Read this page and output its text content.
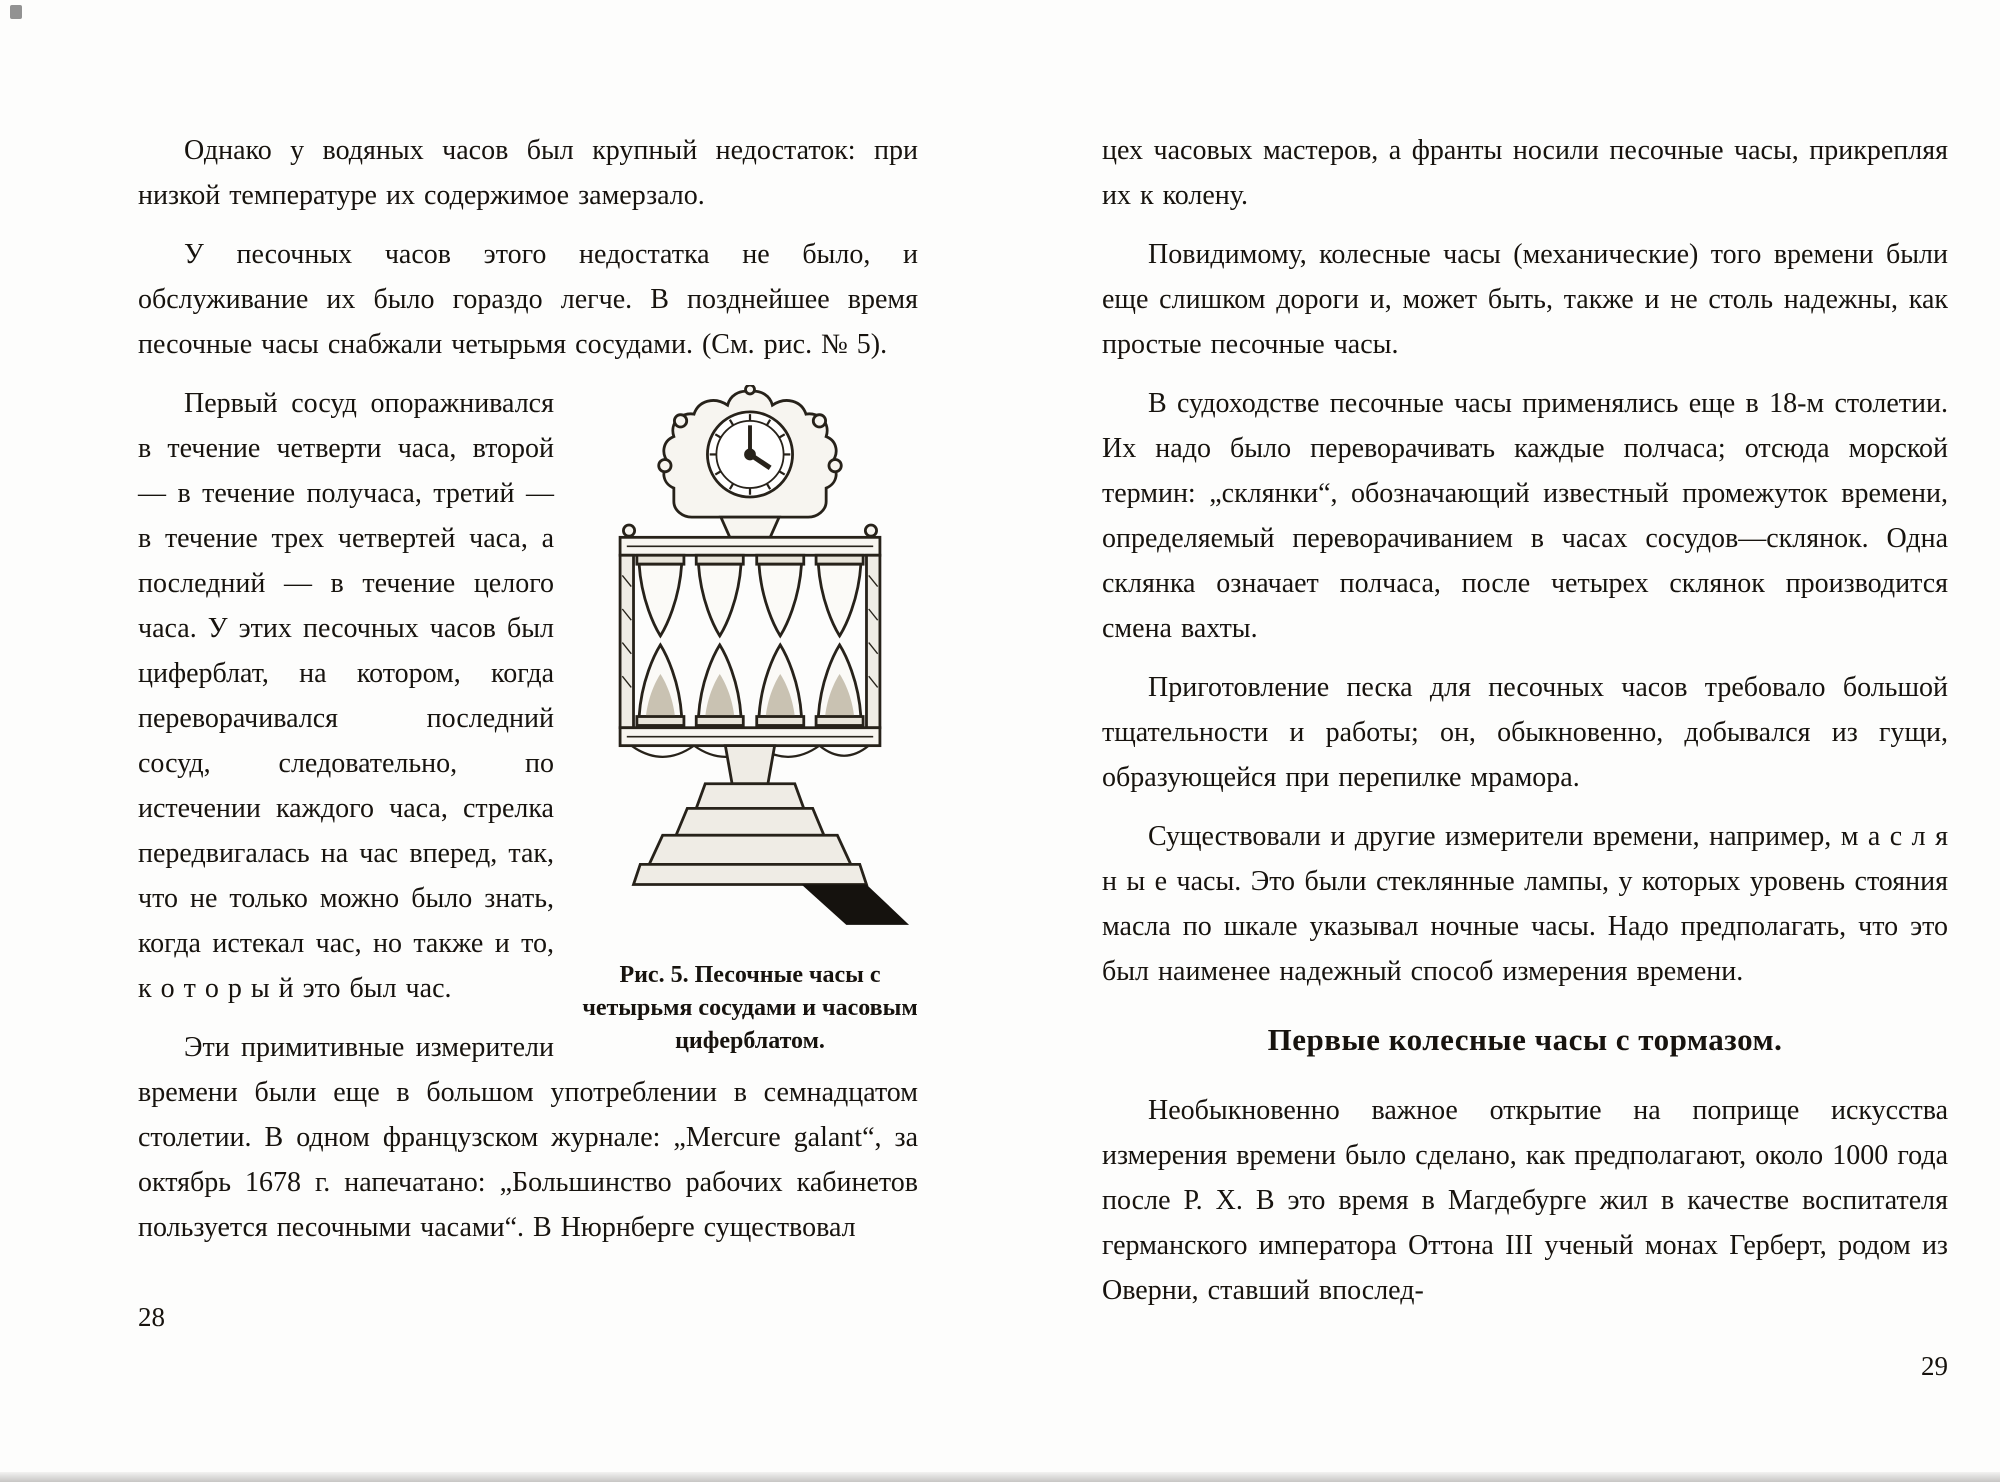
Однако у водяных часов был крупный недостаток: при низкой температуре их содержимое замерзало.

У песочных часов этого недостатка не было, и обслуживание их было гораздо легче. В позднейшее время песочные часы снабжали четырьмя сосудами. (См. рис. № 5).

Рис. 5. Песочные часы с четырьмя сосудами и часовым циферблатом.

Первый сосуд опоражнивался в течение четверти часа, второй — в течение получаса, третий — в течение трех четвертей часа, а последний — в течение целого часа. У этих песочных часов был циферблат, на котором, когда переворачивался последний сосуд, следовательно, по истечении каждого часа, стрелка передвигалась на час вперед, так, что не только можно было знать, когда истекал час, но также и то, к о т о р ы й это был час.

Эти примитивные измерители времени были еще в большом употреблении в семнадцатом столетии. В одном французском журнале: „Mercure galant“, за октябрь 1678 г. напечатано: „Большинство рабочих кабинетов пользуется песочными часами“. В Нюрнберге существовал

28

цех часовых мастеров, а франты носили песочные часы, прикрепляя их к колену.

Повидимому, колесные часы (механические) того времени были еще слишком дороги и, может быть, также и не столь надежны, как простые песочные часы.

В судоходстве песочные часы применялись еще в 18-м столетии. Их надо было переворачивать каждые полчаса; отсюда морской термин: „склянки“, обозначающий известный промежуток времени, определяемый переворачиванием в часах сосудов—склянок. Одна склянка означает полчаса, после четырех склянок производится смена вахты.

Приготовление песка для песочных часов требовало большой тщательности и работы; он, обыкновенно, добывался из гущи, образующейся при перепилке мрамора.

Существовали и другие измерители времени, например, м а с л я н ы е часы. Это были стеклянные лампы, у которых уровень стояния масла по шкале указывал ночные часы. Надо предполагать, что это был наименее надежный способ измерения времени.

Первые колесные часы с тормазом.

Необыкновенно важное открытие на поприще искусства измерения времени было сделано, как предполагают, около 1000 года после Р. Х. В это время в Магдебурге жил в качестве воспитателя германского императора Оттона III ученый монах Герберт, родом из Оверни, ставший впослед-

29
